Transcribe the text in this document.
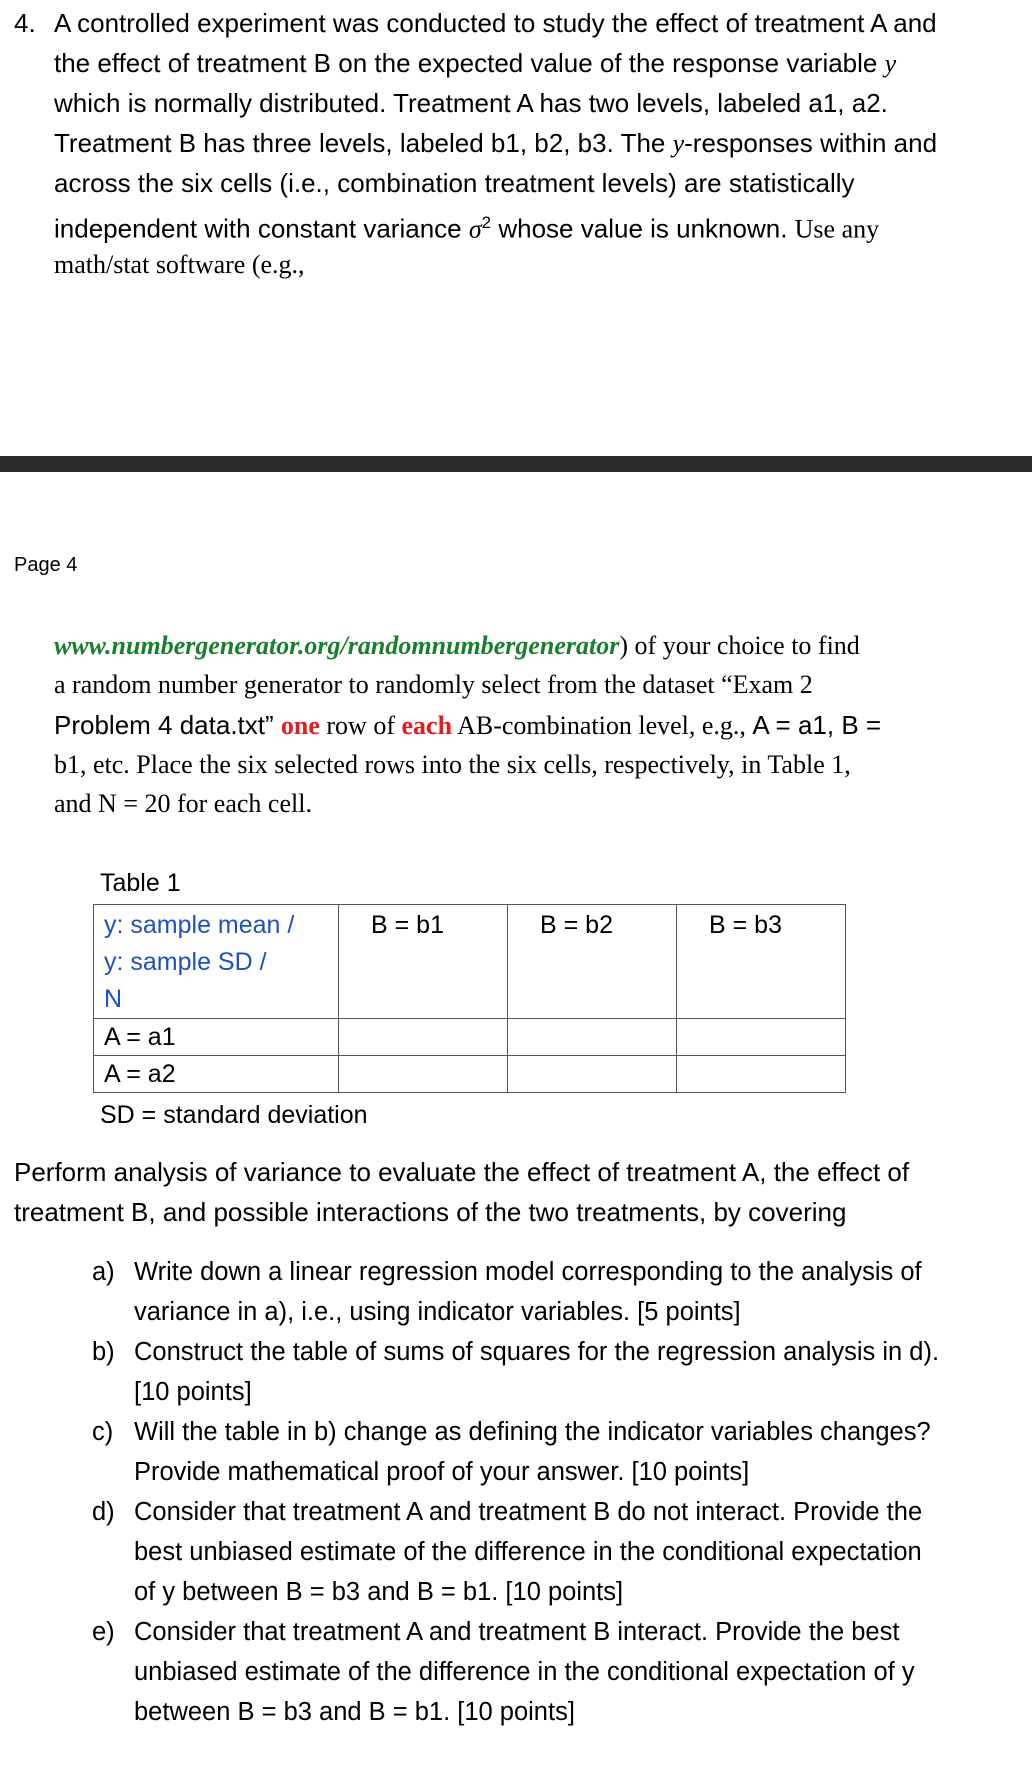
4. A controlled experiment was conducted to study the effect of treatment A and
the effect of treatment B on the expected value of the response variable y
which is normally distributed. Treatment A has two levels, labeled a1, a2.
Treatment B has three levels, labeled b1, b2, b3. The y-responses within and
across the six cells (i.e., combination treatment levels) are statistically
independent with constant variance $\sigma^2$ whose value is unknown. Use any
math/stat software (e.g.,
Page 4
www.numbergenerator.org/randomnumbergenerator) of your choice to find
a random number generator to randomly select from the dataset “Exam 2
Problem 4 data.txt” one row of each AB-combination level, e.g., A = a1, B =
b1, etc. Place the six selected rows into the six cells, respectively, in Table 1,
and N = 20 for each cell.
Table 1
y: sample mean /
y: sample SD /
N	B = b1	B = b2	B = b3
A = a1			
A = a2			
SD = standard deviation
Perform analysis of variance to evaluate the effect of treatment A, the effect of
treatment B, and possible interactions of the two treatments, by covering
a) Write down a linear regression model corresponding to the analysis of
variance in a), i.e., using indicator variables. [5 points]
b) Construct the table of sums of squares for the regression analysis in d).
[10 points]
c) Will the table in b) change as defining the indicator variables changes?
Provide mathematical proof of your answer. [10 points]
d) Consider that treatment A and treatment B do not interact. Provide the
best unbiased estimate of the difference in the conditional expectation
of y between B = b3 and B = b1. [10 points]
e) Consider that treatment A and treatment B interact. Provide the best
unbiased estimate of the difference in the conditional expectation of y
between B = b3 and B = b1. [10 points]
